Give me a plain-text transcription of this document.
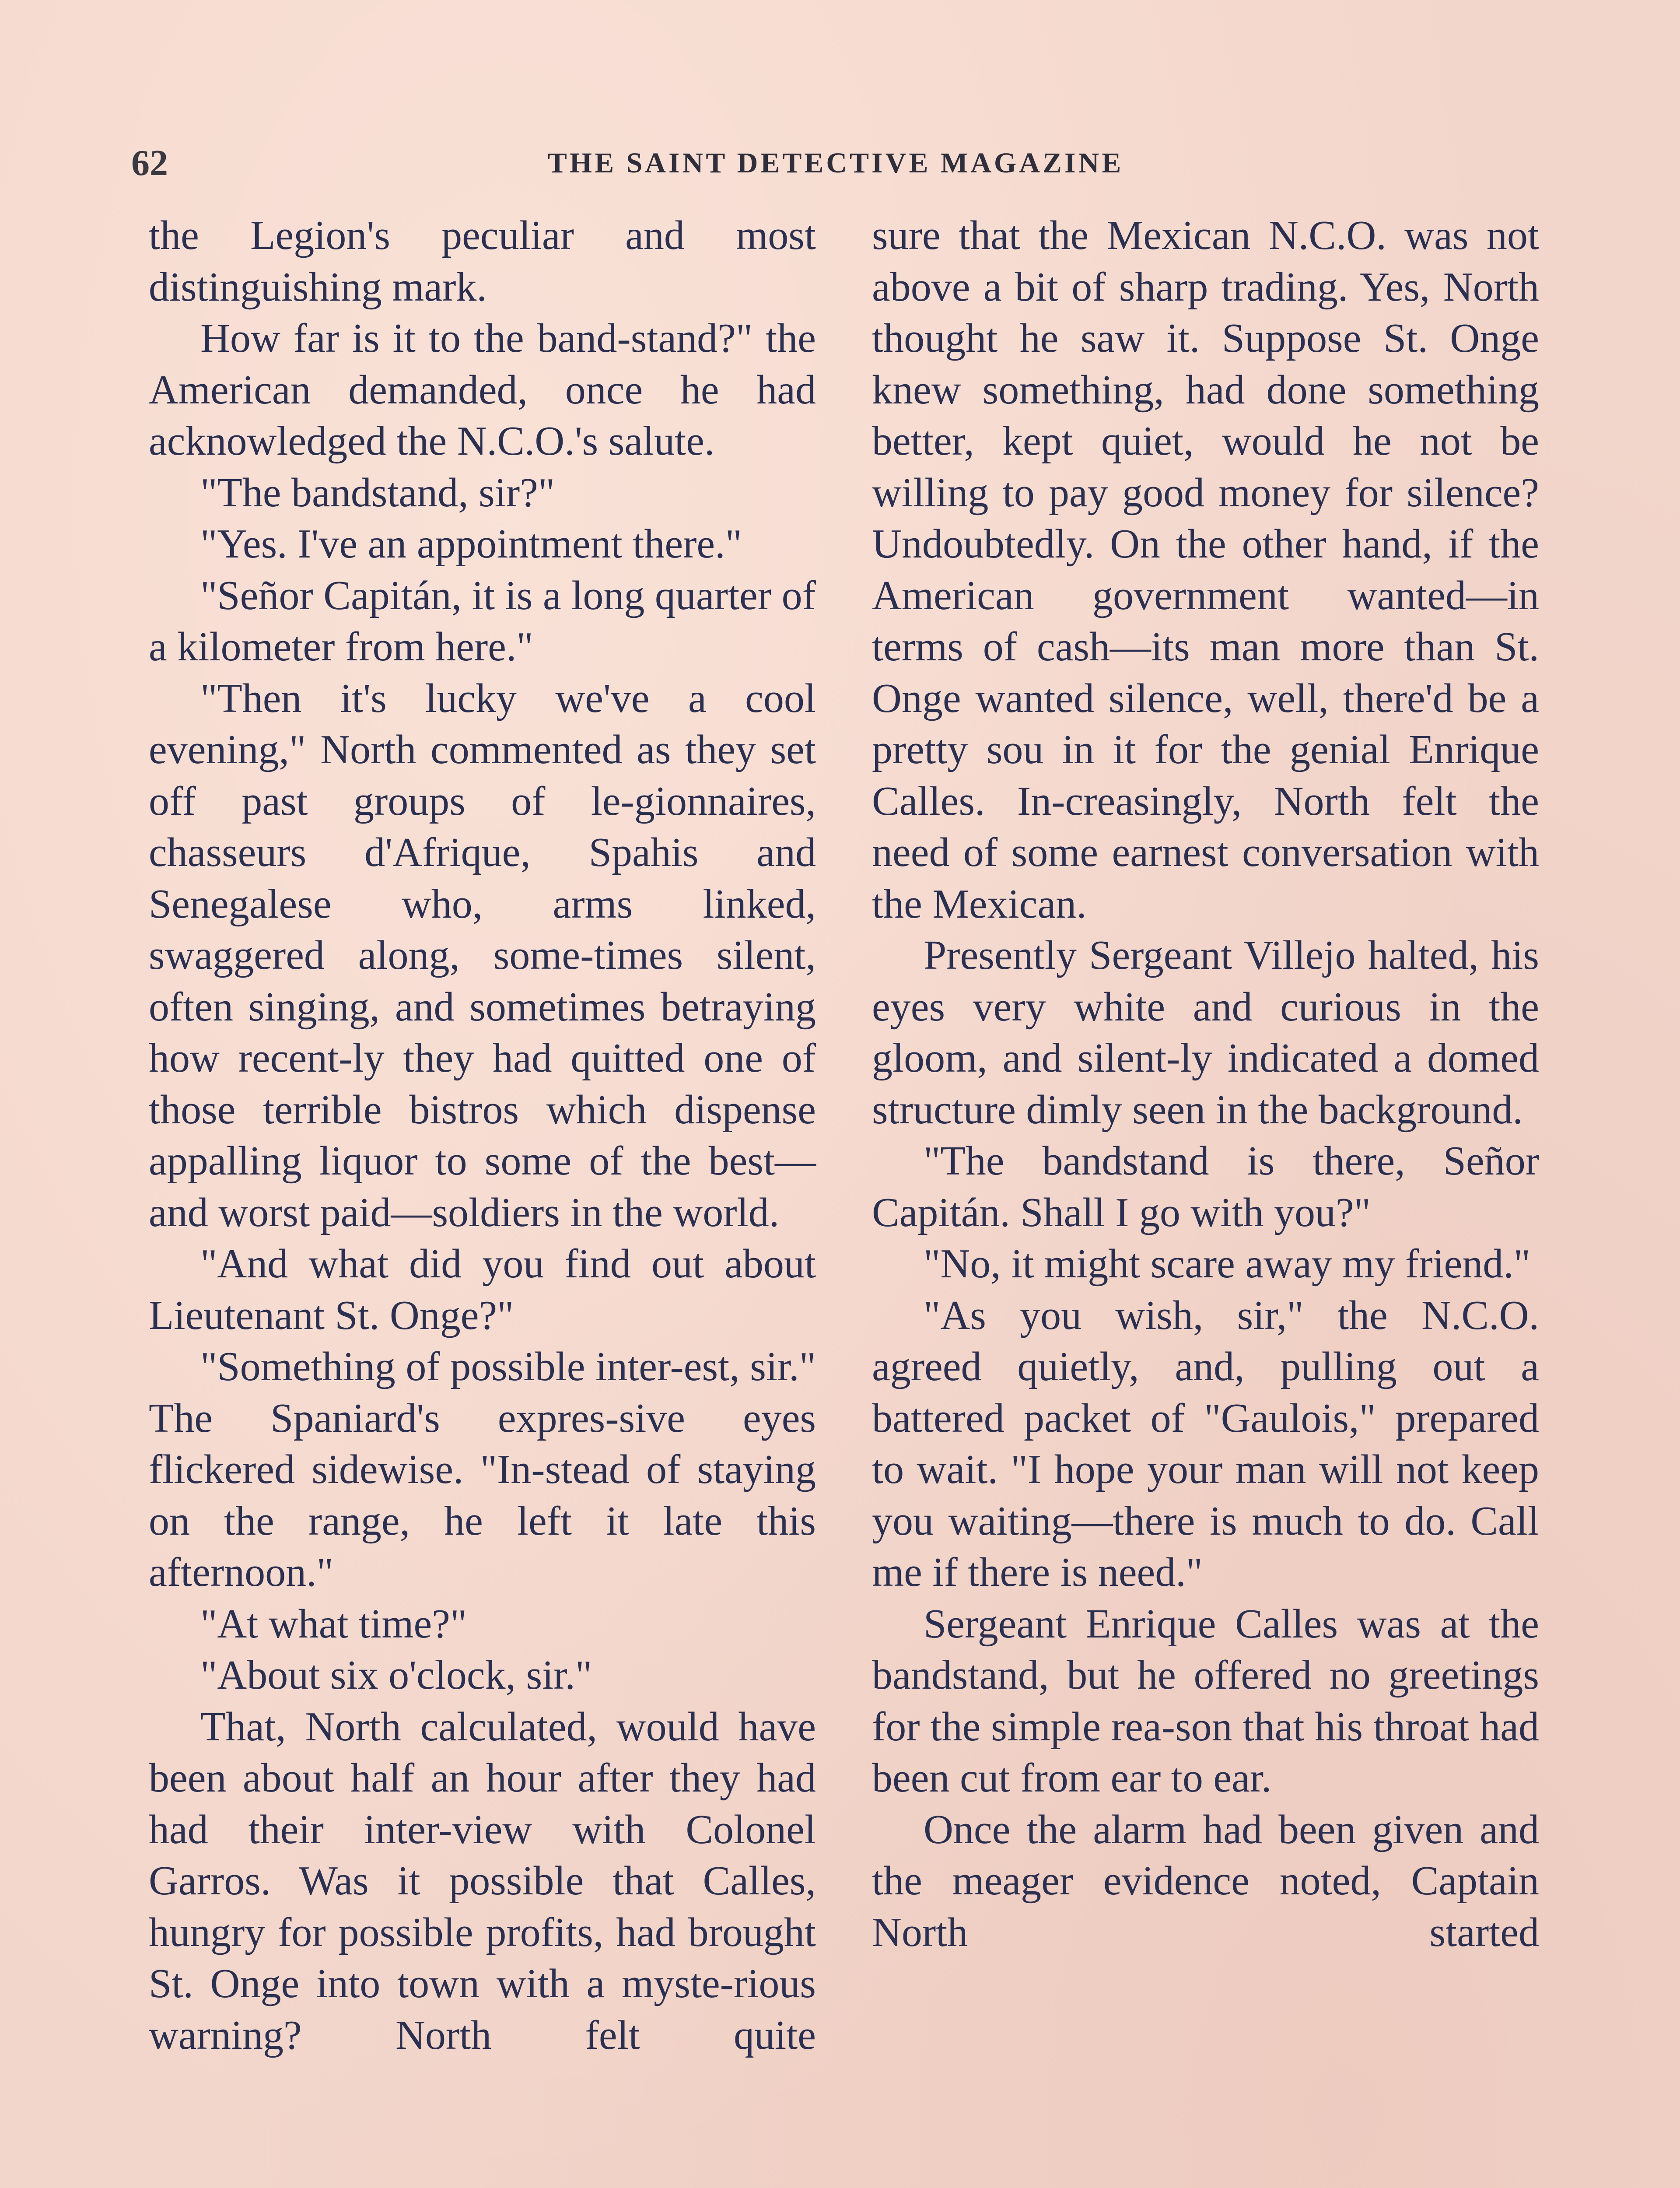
62	THE SAINT DETECTIVE MAGAZINE

the Legion's peculiar and most distinguishing mark.

How far is it to the band-stand?" the American demanded, once he had acknowledged the N.C.O.'s salute.

"The bandstand, sir?"

"Yes. I've an appointment there."

"Señor Capitán, it is a long quarter of a kilometer from here."

"Then it's lucky we've a cool evening," North commented as they set off past groups of le-gionnaires, chasseurs d'Afrique, Spahis and Senegalese who, arms linked, swaggered along, some-times silent, often singing, and sometimes betraying how recent-ly they had quitted one of those terrible bistros which dispense appalling liquor to some of the best—and worst paid—soldiers in the world.

"And what did you find out about Lieutenant St. Onge?"

"Something of possible inter-est, sir." The Spaniard's expres-sive eyes flickered sidewise. "In-stead of staying on the range, he left it late this afternoon."

"At what time?"

"About six o'clock, sir."

That, North calculated, would have been about half an hour after they had had their inter-view with Colonel Garros. Was it possible that Calles, hungry for possible profits, had brought St. Onge into town with a myste-rious warning? North felt quite

sure that the Mexican N.C.O. was not above a bit of sharp trading. Yes, North thought he saw it. Suppose St. Onge knew something, had done something better, kept quiet, would he not be willing to pay good money for silence? Undoubtedly. On the other hand, if the American government wanted—in terms of cash—its man more than St. Onge wanted silence, well, there'd be a pretty sou in it for the genial Enrique Calles. In-creasingly, North felt the need of some earnest conversation with the Mexican.

Presently Sergeant Villejo halted, his eyes very white and curious in the gloom, and silent-ly indicated a domed structure dimly seen in the background.

"The bandstand is there, Señor Capitán. Shall I go with you?"

"No, it might scare away my friend."

"As you wish, sir," the N.C.O. agreed quietly, and, pulling out a battered packet of "Gaulois," prepared to wait. "I hope your man will not keep you waiting—there is much to do. Call me if there is need."

Sergeant Enrique Calles was at the bandstand, but he offered no greetings for the simple rea-son that his throat had been cut from ear to ear.

Once the alarm had been given and the meager evidence noted, Captain North started
